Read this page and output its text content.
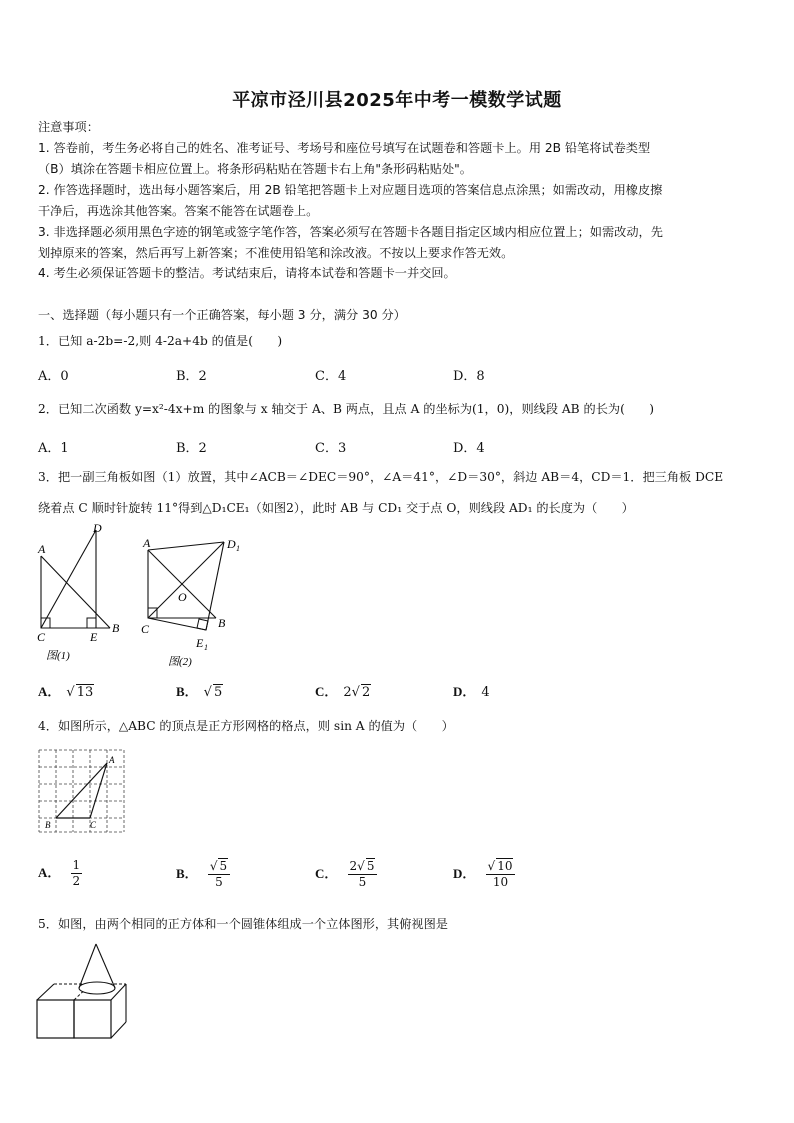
平凉市泾川县2025年中考一模数学试题
注意事项：
1. 答卷前，考生务必将自己的姓名、准考证号、考场号和座位号填写在试题卷和答题卡上。用 2B 铅笔将试卷类型
（B）填涂在答题卡相应位置上。将条形码粘贴在答题卡右上角"条形码粘贴处"。
2. 作答选择题时，选出每小题答案后，用 2B 铅笔把答题卡上对应题目选项的答案信息点涂黑；如需改动，用橡皮擦
干净后，再选涂其他答案。答案不能答在试题卷上。
3. 非选择题必须用黑色字迹的钢笔或签字笔作答，答案必须写在答题卡各题目指定区域内相应位置上；如需改动，先
划掉原来的答案，然后再写上新答案；不准使用铅笔和涂改液。不按以上要求作答无效。
4. 考生必须保证答题卡的整洁。考试结束后，请将本试卷和答题卡一并交回。
一、选择题（每小题只有一个正确答案，每小题 3 分，满分 30 分）
1．已知 a-2b=-2,则 4-2a+4b 的值是(　　)
A．0	B．2	C．4	D．8
2．已知二次函数 y=x²-4x+m 的图象与 x 轴交于 A、B 两点，且点 A 的坐标为(1，0)，则线段 AB 的长为(　　)
A．1	B．2	C．3	D．4
3．把一副三角板如图（1）放置，其中∠ACB＝∠DEC＝90°，∠A＝41°，∠D＝30°，斜边 AB＝4，CD＝1．把三角板 DCE
绕着点 C 顺时针旋转 11°得到△D₁CE₁（如图2），此时 AB 与 CD₁ 交于点 O，则线段 AD₁ 的长度为（　　）
A
D
C	E
B
图(1)
A	D 1
O
C	B
E 1
图(2)
A． √ 13	B． √ 5	C． 2√ 2	D． 4
4．如图所示，△ABC 的顶点是正方形网格的格点，则 sin A 的值为（　　）
A
B	C
A． $\frac{1}{2}$	B． $\frac{√ 5}{5}$	C． $\frac{2√ 5}{5}$	D． $\frac{√ 10}{10}$
5．如图，由两个相同的正方体和一个圆锥体组成一个立体图形，其俯视图是
